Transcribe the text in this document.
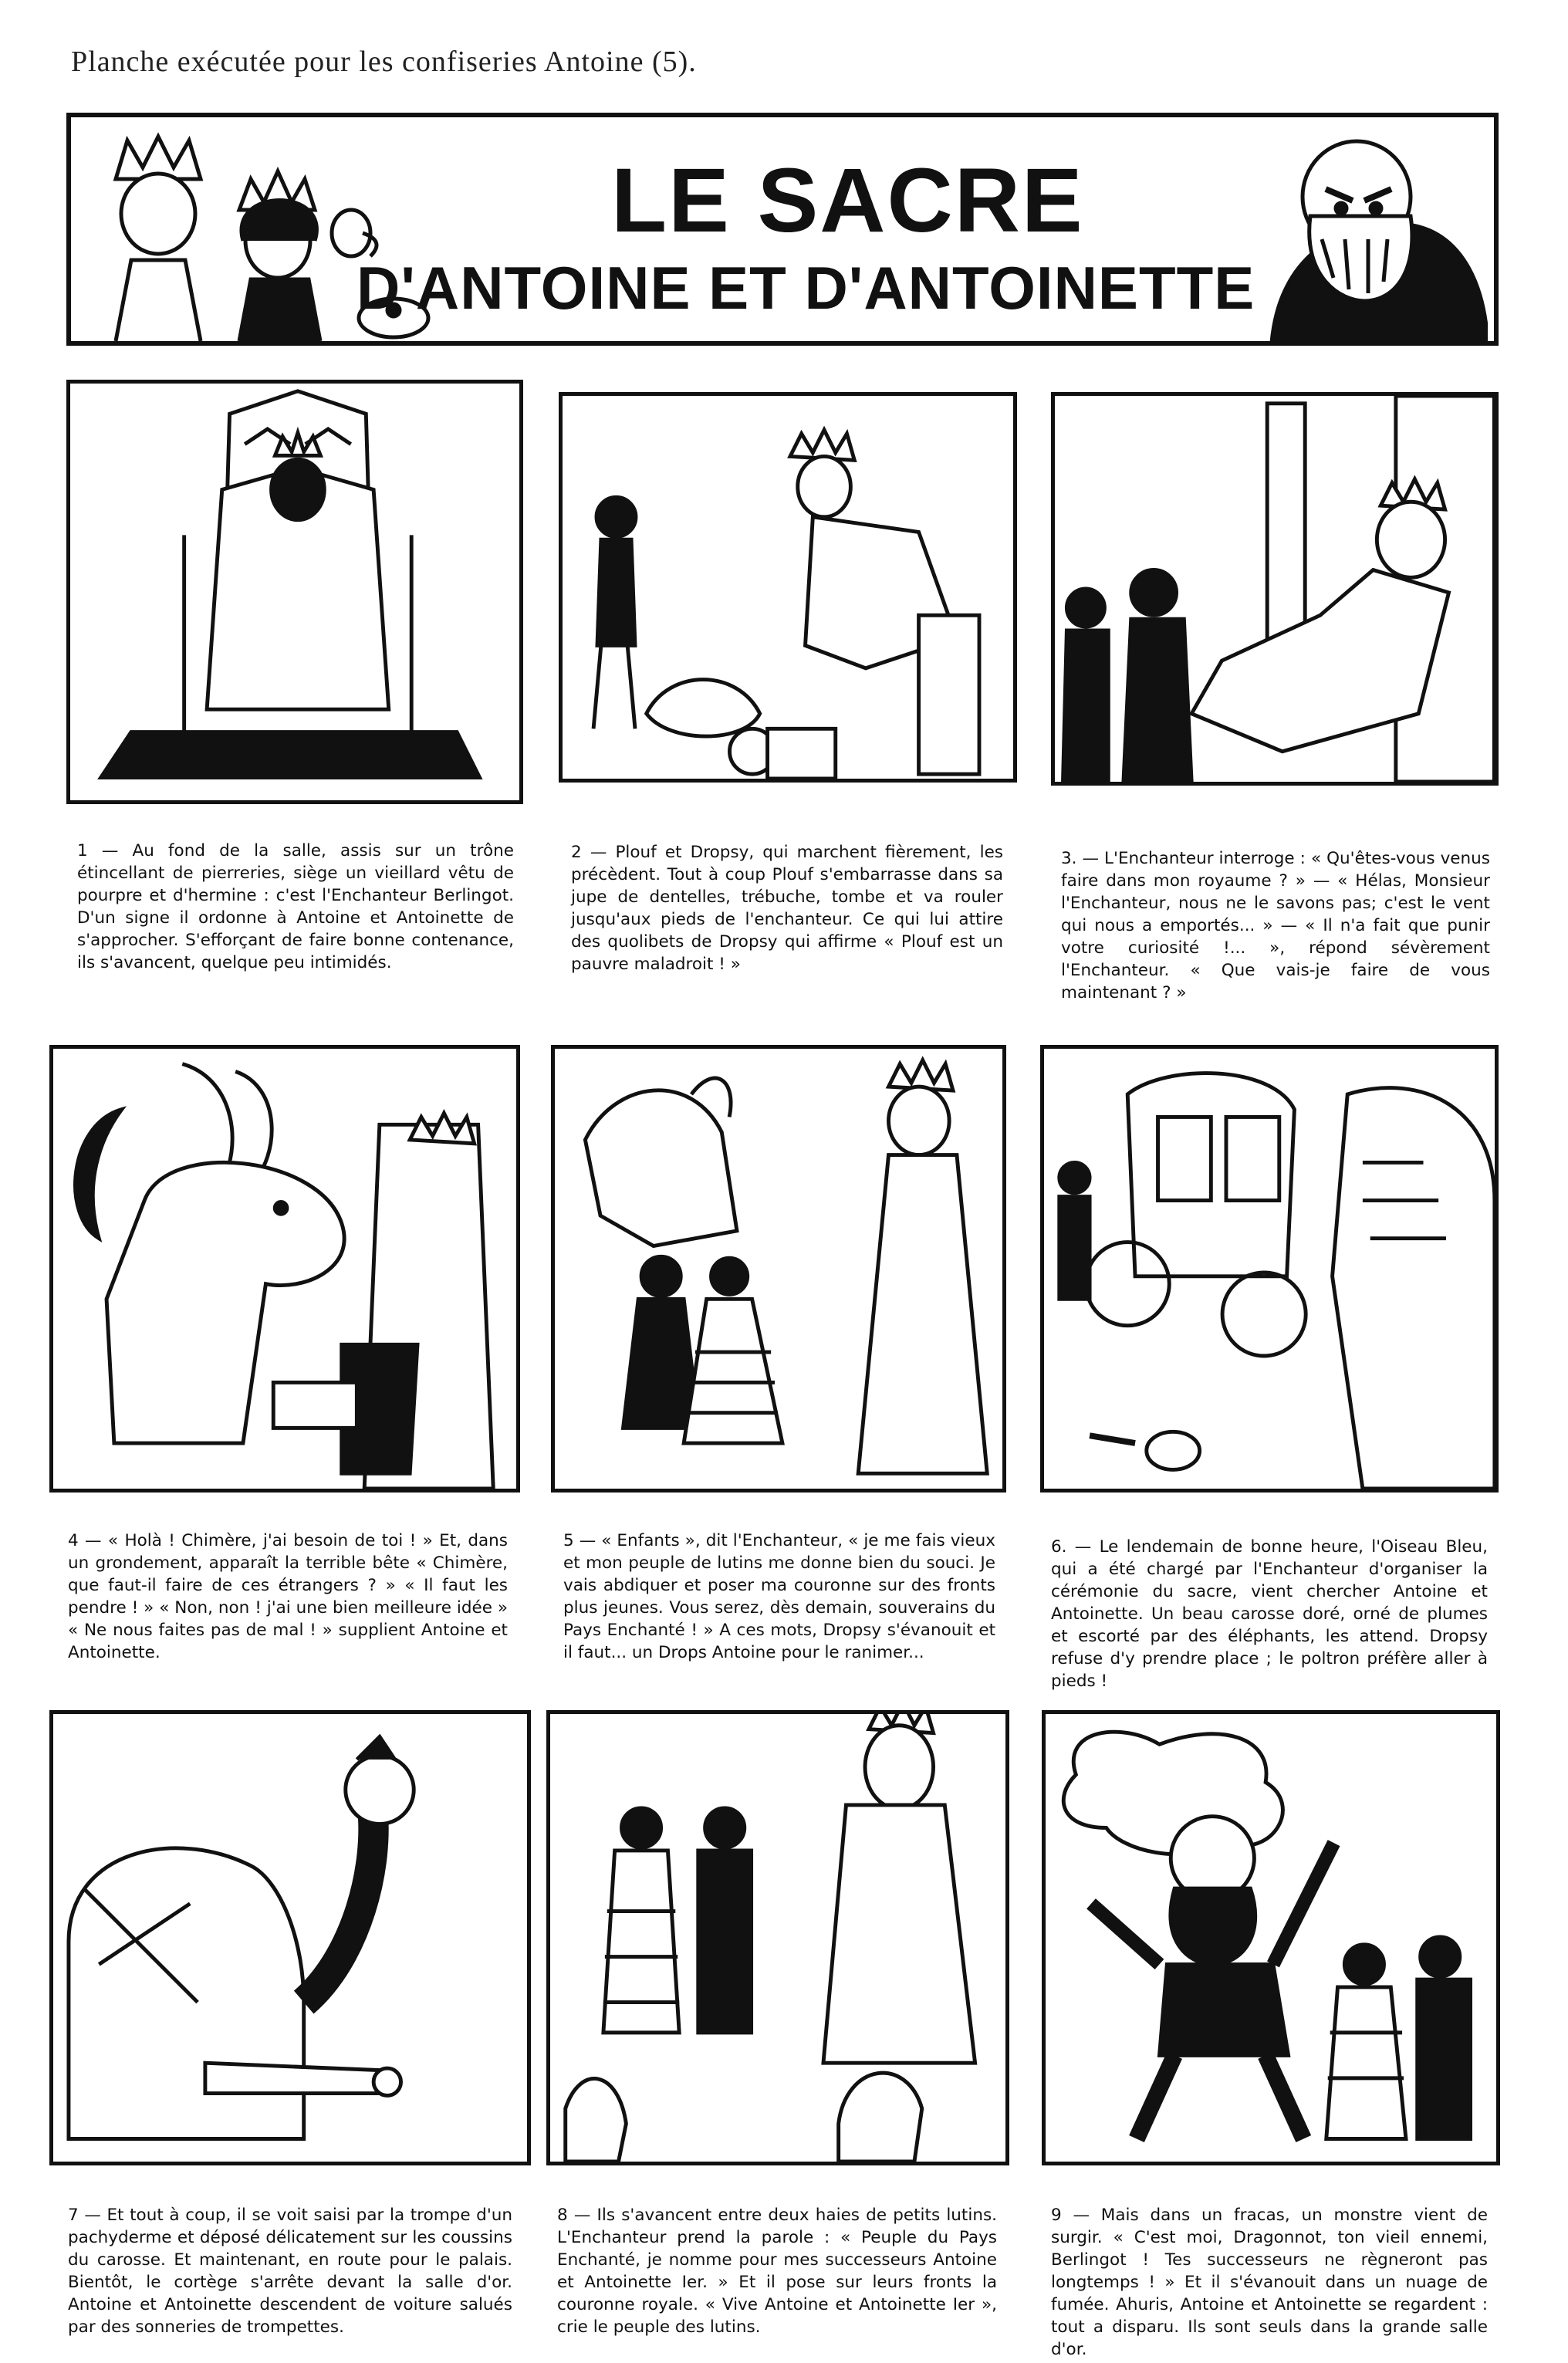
Planche exécutée pour les confiseries Antoine (5).
LE SACRE
D'ANTOINE ET D'ANTOINETTE
1 — Au fond de la salle, assis sur un trône étincellant de pierreries, siège un vieillard vêtu de pourpre et d'hermine : c'est l'Enchanteur Berlingot. D'un signe il ordonne à Antoine et Antoinette de s'approcher. S'efforçant de faire bonne contenance, ils s'avancent, quelque peu intimidés.
2 — Plouf et Dropsy, qui marchent fièrement, les précèdent. Tout à coup Plouf s'embarrasse dans sa jupe de dentelles, trébuche, tombe et va rouler jusqu'aux pieds de l'enchanteur. Ce qui lui attire des quolibets de Dropsy qui affirme « Plouf est un pauvre maladroit ! »
3. — L'Enchanteur interroge : « Qu'êtes-vous venus faire dans mon royaume ? » — « Hélas, Monsieur l'Enchanteur, nous ne le savons pas; c'est le vent qui nous a emportés... » — « Il n'a fait que punir votre curiosité !... », répond sévèrement l'Enchanteur. « Que vais-je faire de vous maintenant ? »
4 — « Holà ! Chimère, j'ai besoin de toi ! » Et, dans un grondement, apparaît la terrible bête « Chimère, que faut-il faire de ces étrangers ? » « Il faut les pendre ! » « Non, non ! j'ai une bien meilleure idée » « Ne nous faites pas de mal ! » supplient Antoine et Antoinette.
5 — « Enfants », dit l'Enchanteur, « je me fais vieux et mon peuple de lutins me donne bien du souci. Je vais abdiquer et poser ma couronne sur des fronts plus jeunes. Vous serez, dès demain, souverains du Pays Enchanté ! » A ces mots, Dropsy s'évanouit et il faut... un Drops Antoine pour le ranimer...
6. — Le lendemain de bonne heure, l'Oiseau Bleu, qui a été chargé par l'Enchanteur d'organiser la cérémonie du sacre, vient chercher Antoine et Antoinette. Un beau carosse doré, orné de plumes et escorté par des éléphants, les attend. Dropsy refuse d'y prendre place ; le poltron préfère aller à pieds !
7 — Et tout à coup, il se voit saisi par la trompe d'un pachyderme et déposé délicatement sur les coussins du carosse. Et maintenant, en route pour le palais. Bientôt, le cortège s'arrête devant la salle d'or. Antoine et Antoinette descendent de voiture salués par des sonneries de trompettes.
8 — Ils s'avancent entre deux haies de petits lutins. L'Enchanteur prend la parole : « Peuple du Pays Enchanté, je nomme pour mes successeurs Antoine et Antoinette Ier. » Et il pose sur leurs fronts la couronne royale. « Vive Antoine et Antoinette Ier », crie le peuple des lutins.
9 — Mais dans un fracas, un monstre vient de surgir. « C'est moi, Dragonnot, ton vieil ennemi, Berlingot ! Tes successeurs ne règneront pas longtemps ! » Et il s'évanouit dans un nuage de fumée. Ahuris, Antoine et Antoinette se regardent : tout a disparu. Ils sont seuls dans la grande salle d'or.
